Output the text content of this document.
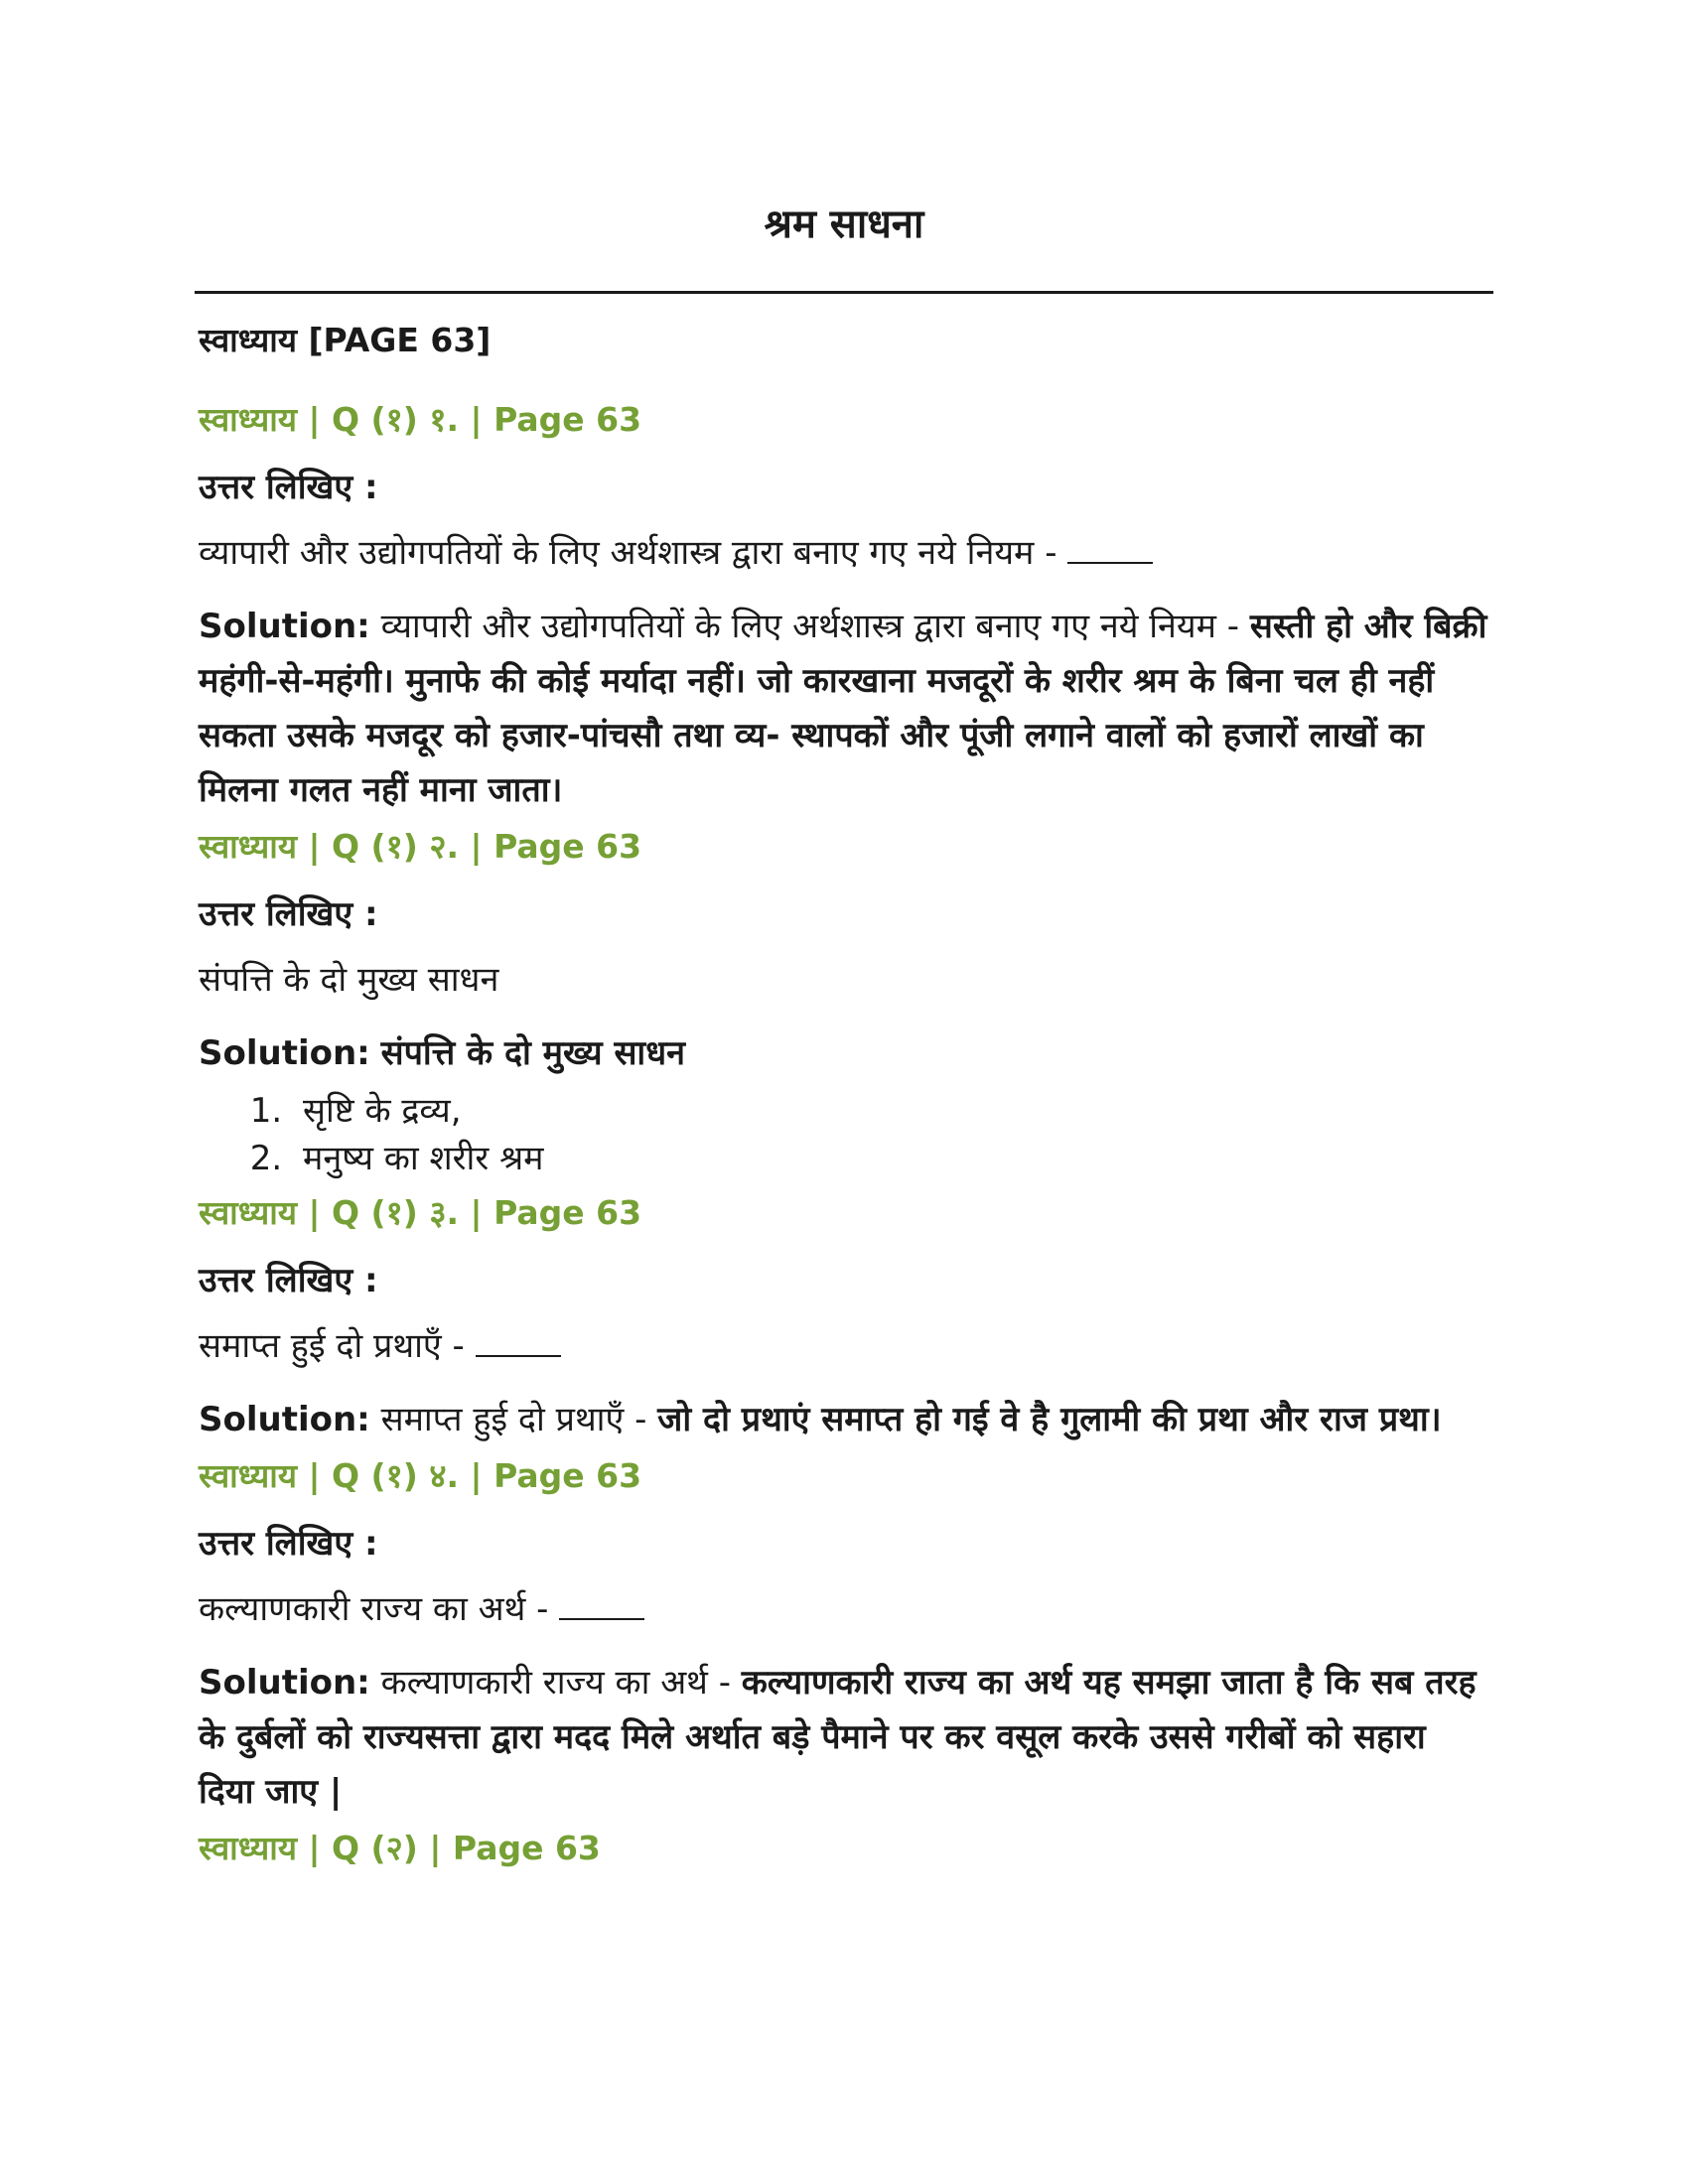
श्रम साधना
स्वाध्याय [PAGE 63]
स्वाध्याय | Q (१) १. | Page 63
उत्तर लिखिए :
व्यापारी और उद्योगपतियों के लिए अर्थशास्त्र द्वारा बनाए गए नये नियम -
Solution: व्यापारी और उद्योगपतियों के लिए अर्थशास्त्र द्वारा बनाए गए नये नियम - सस्ती हो और बिक्री महंगी-से-महंगी। मुनाफे की कोई मर्यादा नहीं। जो कारखाना मजदूरों के शरीर श्रम के बिना चल ही नहीं सकता उसके मजदूर को हजार-पांचसौ तथा व्य- स्थापकों और पूंजी लगाने वालों को हजारों लाखों का मिलना गलत नहीं माना जाता।
स्वाध्याय | Q (१) २. | Page 63
उत्तर लिखिए :
संपत्ति के दो मुख्य साधन
Solution: संपत्ति के दो मुख्य साधन
1. सृष्टि के द्रव्य,
2. मनुष्य का शरीर श्रम
स्वाध्याय | Q (१) ३. | Page 63
उत्तर लिखिए :
समाप्त हुई दो प्रथाएँ -
Solution: समाप्त हुई दो प्रथाएँ - जो दो प्रथाएं समाप्त हो गई वे है गुलामी की प्रथा और राज प्रथा।
स्वाध्याय | Q (१) ४. | Page 63
उत्तर लिखिए :
कल्याणकारी राज्य का अर्थ -
Solution: कल्याणकारी राज्य का अर्थ - कल्याणकारी राज्य का अर्थ यह समझा जाता है कि सब तरह के दुर्बलों को राज्यसत्ता द्वारा मदद मिले अर्थात बड़े पैमाने पर कर वसूल करके उससे गरीबों को सहारा दिया जाए |
स्वाध्याय | Q (२) | Page 63
